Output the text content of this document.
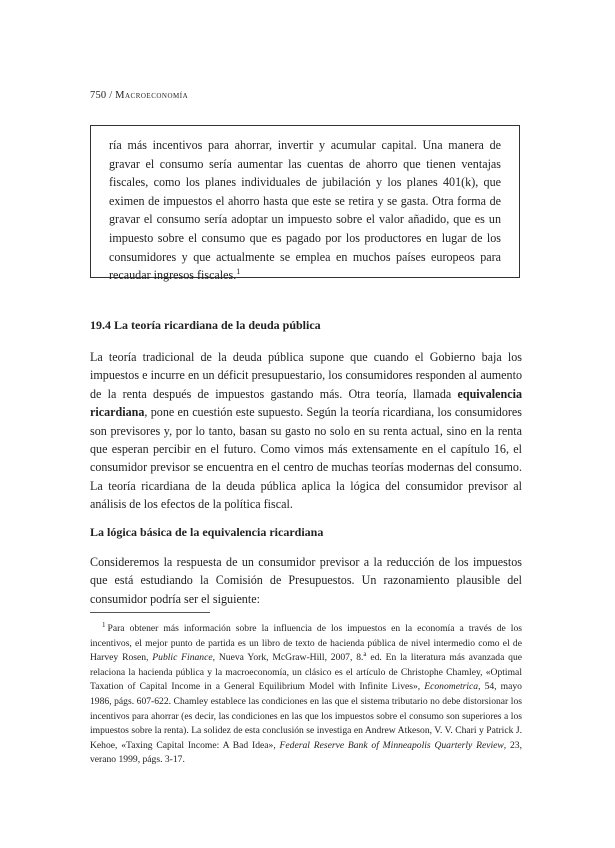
750 / Macroeconomía
ría más incentivos para ahorrar, invertir y acumular capital. Una manera de gravar el consumo sería aumentar las cuentas de ahorro que tienen ventajas fiscales, como los planes individuales de jubilación y los planes 401(k), que eximen de impuestos el ahorro hasta que este se retira y se gasta. Otra forma de gravar el consumo sería adoptar un impuesto sobre el valor añadido, que es un impuesto sobre el consumo que es pagado por los productores en lugar de los consumidores y que actualmente se emplea en muchos países europeos para recaudar ingresos fiscales.$^1$
19.4 La teoría ricardiana de la deuda pública
La teoría tradicional de la deuda pública supone que cuando el Gobierno baja los impuestos e incurre en un déficit presupuestario, los consumidores responden al aumento de la renta después de impuestos gastando más. Otra teoría, llamada equivalencia ricardiana, pone en cuestión este supuesto. Según la teoría ricardiana, los consumidores son previsores y, por lo tanto, basan su gasto no solo en su renta actual, sino en la renta que esperan percibir en el futuro. Como vimos más extensamente en el capítulo 16, el consumidor previsor se encuentra en el centro de muchas teorías modernas del consumo. La teoría ricardiana de la deuda pública aplica la lógica del consumidor previsor al análisis de los efectos de la política fiscal.
La lógica básica de la equivalencia ricardiana
Consideremos la respuesta de un consumidor previsor a la reducción de los impuestos que está estudiando la Comisión de Presupuestos. Un razonamiento plausible del consumidor podría ser el siguiente:
$^1$ Para obtener más información sobre la influencia de los impuestos en la economía a través de los incentivos, el mejor punto de partida es un libro de texto de hacienda pública de nivel intermedio como el de Harvey Rosen, Public Finance, Nueva York, McGraw-Hill, 2007, 8.$^a$ ed. En la literatura más avanzada que relaciona la hacienda pública y la macroeconomía, un clásico es el artículo de Christophe Chamley, «Optimal Taxation of Capital Income in a General Equilibrium Model with Infinite Lives», Econometrica, 54, mayo 1986, págs. 607-622. Chamley establece las condiciones en las que el sistema tributario no debe distorsionar los incentivos para ahorrar (es decir, las condiciones en las que los impuestos sobre el consumo son superiores a los impuestos sobre la renta). La solidez de esta conclusión se investiga en Andrew Atkeson, V. V. Chari y Patrick J. Kehoe, «Taxing Capital Income: A Bad Idea», Federal Reserve Bank of Minneapolis Quarterly Review, 23, verano 1999, págs. 3-17.
